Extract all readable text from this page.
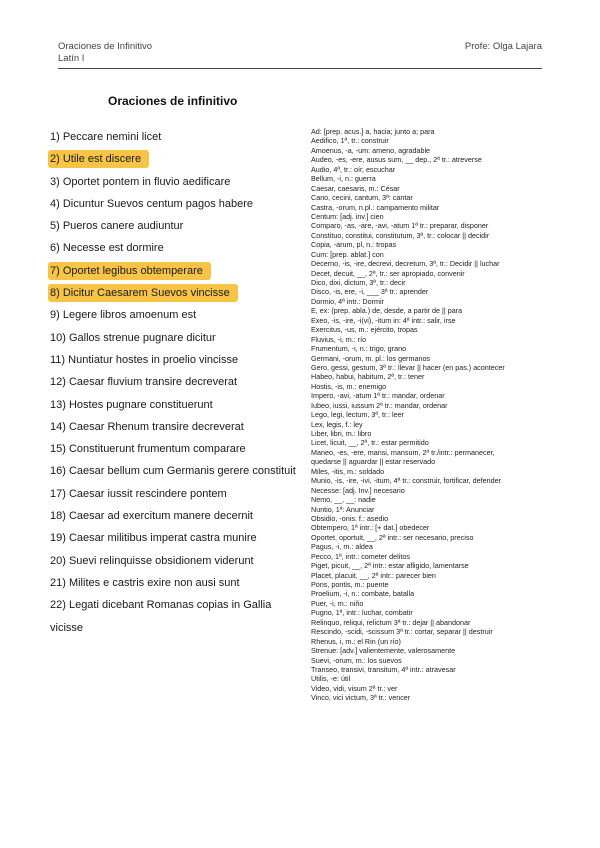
Oraciones de Infinitivo
Latín I
Profe: Olga Lajara
Oraciones de infinitivo
1) Peccare nemini licet
2) Utile est discere
3) Oportet pontem in fluvio aedificare
4) Dicuntur Suevos centum pagos habere
5) Pueros canere audiuntur
6) Necesse est dormire
7) Oportet legibus obtemperare
8) Dicitur Caesarem Suevos vincisse
9) Legere libros amoenum est
10) Gallos strenue pugnare dicitur
11) Nuntiatur hostes in proelio vincisse
12) Caesar fluvium transire decreverat
13) Hostes pugnare constituerunt
14) Caesar Rhenum transire decreverat
15) Constituerunt frumentum comparare
16) Caesar bellum cum Germanis gerere constituit
17) Caesar iussit rescindere pontem
18) Caesar ad exercitum manere decernit
19) Caesar militibus imperat castra munire
20) Suevi relinquisse obsidionem viderunt
21) Milites e castris exire non ausi sunt
22) Legati dicebant Romanas copias in Gallia vicisse
Ad: [prep. acus.] a, hacia; junto a; para
Aedifico, 1ª, tr.: construir
Amoenus, -a, -um: ameno, agradable
Audeo, -es, -ere, ausus sum, __ dep., 2ª tr.: atreverse
Audio, 4ª, tr.: oír, escuchar
Bellum, -i, n.: guerra
Caesar, caesaris, m.: César
Cano, cecini, cantum, 3ª: cantar
Castra, -orum, n.pl.: campamento militar
Centum: [adj. inv.] cien
Comparo, -as, -are, -avi, -atum 1ª tr.: preparar, disponer
Constituo, constitui, constitutum, 3ª, tr.: colocar || decidir
Copia, -arum, pl, n.: tropas
Cum: [prep. ablat.] con
Decerno, -is, -ire, decrevi, decretum, 3ª, tr.: Decidir || luchar
Decet, decuit, __, 2ª, tr.: ser apropiado, convenir
Dico, dixi, dictum, 3ª, tr.: decir
Disco, -is, ere, -i, ___ 3ª tr.: aprender
Dormio, 4ª intr.: Dormir
E, ex: (prep. abla.) de, desde, a partir de || para
Exeo, -is, -ire, -i(vi), -itum in: 4ª intr.: salir, irse
Exercitus, -us, m.: ejército, tropas
Fluvius, -i, m.: río
Frumentum, -i, n.: trigo, grano
Germani, -orum, m. pl.: los germanos
Gero, gessi, gestum, 3ª tr.: llevar || hacer (en pas.) acontecer
Habeo, habui, habitum, 2ª, tr.: tener
Hostis, -is, m.: enemigo
Impero, -avi, -atum 1ª tr.: mandar, ordenar
Iubeo, iussi, iussum 2ª tr.: mandar, ordenar
Lego, legi, lectum, 3ª, tr.: leer
Lex, legis, f.: ley
Liber, libri, m.: libro
Licet, licuit, __, 2ª, tr.: estar permitido
Maneo, -es, -ere, mansi, mansum, 2ª tr./intr.: permanecer,
quedarse || aguardar || estar reservado
Miles, -itis, m.: soldado
Munio, -is, -ire, -ivi, -itum, 4ª tr.: construir, fortificar, defender
Necesse: [adj. Inv.] necesario
Nemo, __, __: nadie
Nuntio, 1ª: Anunciar
Obsidio, -onis. f.: asedio
Obtempero, 1ª intr.: [+ dat.] obedecer
Oportet, oportuit, __, 2ª intr.: ser necesario, preciso
Pagus, -i, m.: aldea
Pecco, 1ª, intr.: cometer delitos
Piget, picuit, __, 2ª intr.: estar afligido, lamentarse
Placet, placuit, __, 2ª intr.: parecer bien
Pons, pontis, m.: puente
Proelium, -i, n.: combate, batalla
Puer, -i, m.: niño
Pugno, 1ª, intr.: luchar, combatir
Relinquo, reliqui, relictum 3ª tr.: dejar || abandonar
Rescindo, -scidi, -scissum 3ª tr.: cortar, separar || destruir
Rhenus, i, m.: el Rin (un río)
Strenue: [adv.] valientemente, valerosamente
Suevi, -orum, m.: los suevos
Transeo, transivi, transitum, 4ª intr.: atravesar
Utilis, -e: útil
Video, vidi, visum 2ª tr.: ver
Vinco, vici victum, 3ª tr.: vencer
